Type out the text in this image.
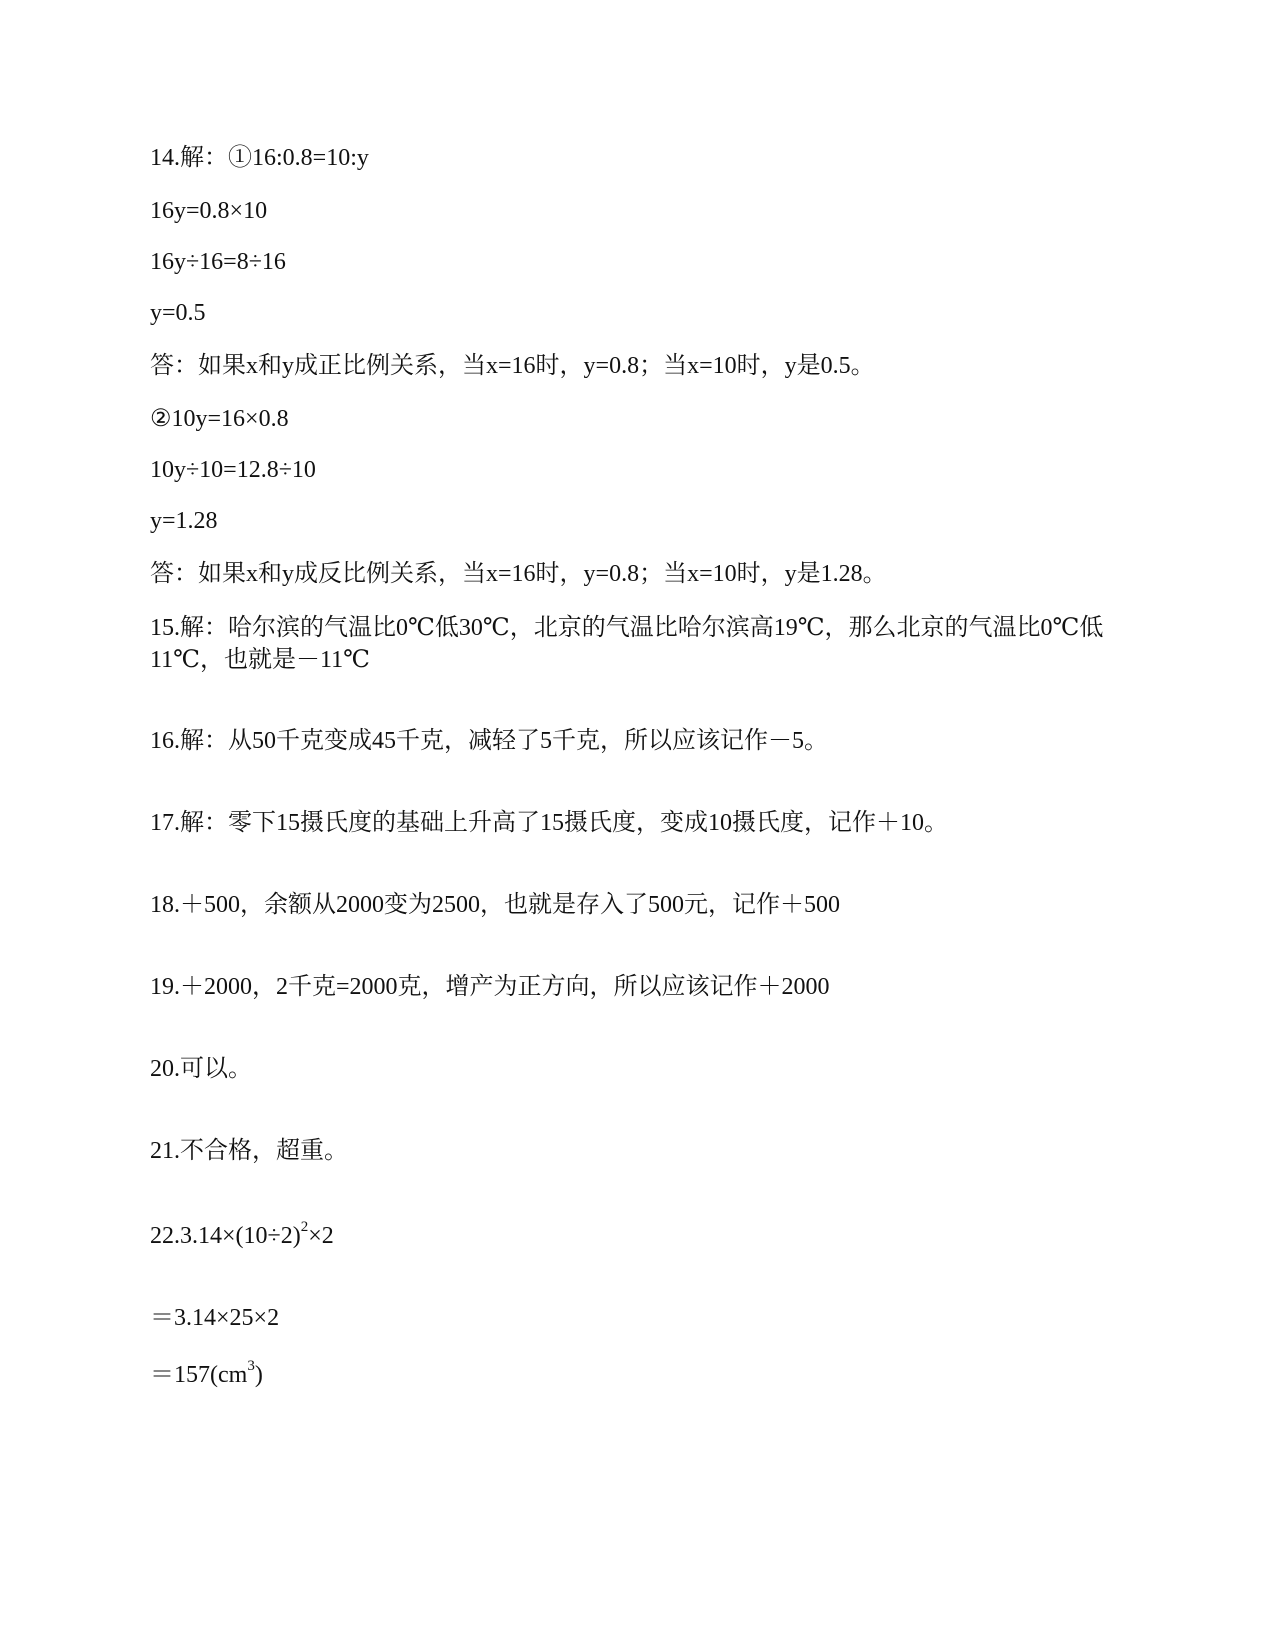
14.解：①16:0.8=10:y
16y=0.8×10
16y÷16=8÷16
y=0.5
答：如果x和y成正比例关系，当x=16时，y=0.8；当x=10时，y是0.5。
②10y=16×0.8
10y÷10=12.8÷10
y=1.28
答：如果x和y成反比例关系，当x=16时，y=0.8；当x=10时，y是1.28。
15.解：哈尔滨的气温比0℃低30℃，北京的气温比哈尔滨高19℃，那么北京的气温比0℃低11℃，也就是－11℃
16.解：从50千克变成45千克，减轻了5千克，所以应该记作－5。
17.解：零下15摄氏度的基础上升高了15摄氏度，变成10摄氏度，记作＋10。
18.＋500，余额从2000变为2500，也就是存入了500元，记作＋500
19.＋2000，2千克=2000克，增产为正方向，所以应该记作＋2000
20.可以。
21.不合格，超重。
$22.3.14\times(10\div 2)^2\times 2$
＝3.14×25×2
$=157(cm^3)$
